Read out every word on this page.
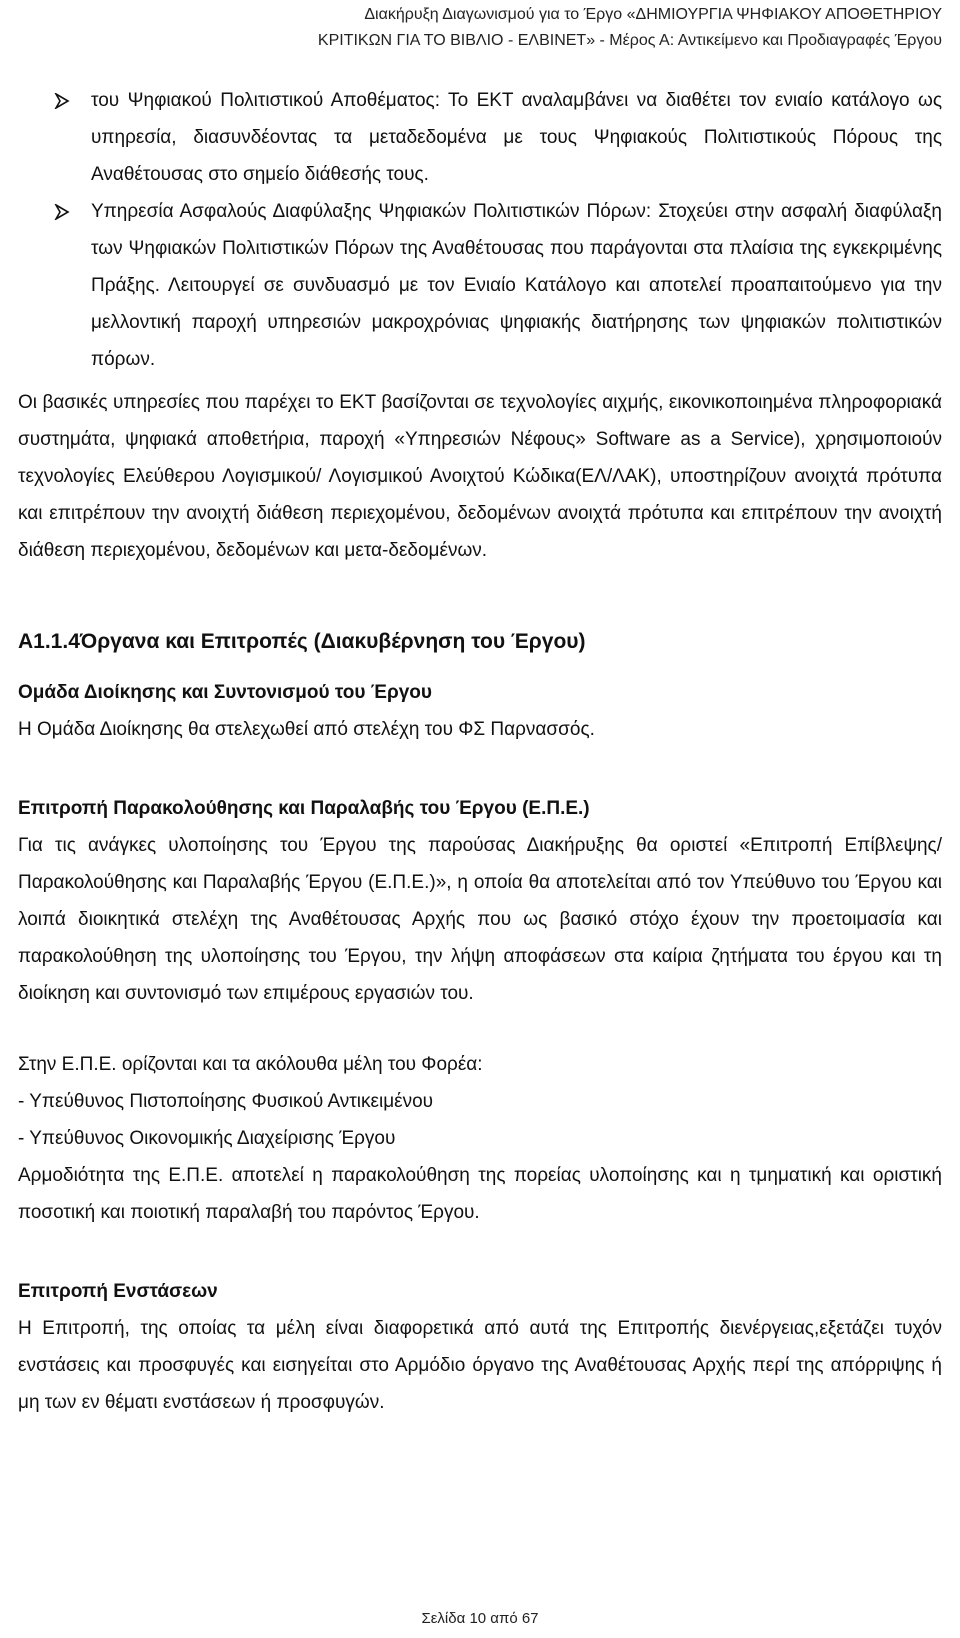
Διακήρυξη Διαγωνισμού για το Έργο «ΔΗΜΙΟΥΡΓΙΑ ΨΗΦΙΑΚΟΥ ΑΠΟΘΕΤΗΡΙΟΥ
ΚΡΙΤΙΚΩΝ ΓΙΑ ΤΟ ΒΙΒΛΙΟ - ΕΛΒΙΝΕΤ» - Μέρος Α: Αντικείμενο και Προδιαγραφές Έργου
του Ψηφιακού Πολιτιστικού Αποθέματος: Το ΕΚΤ αναλαμβάνει να διαθέτει τον ενιαίο κατάλογο ως υπηρεσία, διασυνδέοντας τα μεταδεδομένα με τους Ψηφιακούς Πολιτιστικούς Πόρους της Αναθέτουσας στο σημείο διάθεσής τους.
Υπηρεσία Ασφαλούς Διαφύλαξης Ψηφιακών Πολιτιστικών Πόρων: Στοχεύει στην ασφαλή διαφύλαξη των Ψηφιακών Πολιτιστικών Πόρων της Αναθέτουσας που παράγονται στα πλαίσια της εγκεκριμένης Πράξης. Λειτουργεί σε συνδυασμό με τον Ενιαίο Κατάλογο και αποτελεί προαπαιτούμενο για την μελλοντική παροχή υπηρεσιών μακροχρόνιας ψηφιακής διατήρησης των ψηφιακών πολιτιστικών πόρων.

Οι βασικές υπηρεσίες που παρέχει το ΕΚΤ βασίζονται σε τεχνολογίες αιχμής, εικονικοποιημένα πληροφοριακά συστημάτα, ψηφιακά αποθετήρια, παροχή «Υπηρεσιών Νέφους» Software as a Service), χρησιμοποιούν τεχνολογίες Ελεύθερου Λογισμικού/ Λογισμικού Ανοιχτού Κώδικα(ΕΛ/ΛΑΚ), υποστηρίζουν ανοιχτά πρότυπα και επιτρέπουν την ανοιχτή διάθεση περιεχομένου, δεδομένων ανοιχτά πρότυπα και επιτρέπουν την ανοιχτή διάθεση περιεχομένου, δεδομένων και μετα-δεδομένων.

Α1.1.4Όργανα και Επιτροπές (Διακυβέρνηση του Έργου)
Ομάδα Διοίκησης και Συντονισμού του Έργου

Η Ομάδα Διοίκησης θα στελεχωθεί από στελέχη του ΦΣ Παρνασσός.

Επιτροπή Παρακολούθησης και Παραλαβής του Έργου (Ε.Π.Ε.)

Για τις ανάγκες υλοποίησης του Έργου της παρούσας Διακήρυξης θα οριστεί «Επιτροπή Επίβλεψης/Παρακολούθησης και Παραλαβής Έργου (Ε.Π.Ε.)», η οποία θα αποτελείται από τον Υπεύθυνο του Έργου και λοιπά διοικητικά στελέχη της Αναθέτουσας Αρχής που ως βασικό στόχο έχουν την προετοιμασία και παρακολούθηση της υλοποίησης του Έργου, την λήψη αποφάσεων στα καίρια ζητήματα του έργου και τη διοίκηση και συντονισμό των επιμέρους εργασιών του.

Στην Ε.Π.Ε. ορίζονται και τα ακόλουθα μέλη του Φορέα:

- Υπεύθυνος Πιστοποίησης Φυσικού Αντικειμένου

- Υπεύθυνος Οικονομικής Διαχείρισης Έργου

Αρμοδιότητα της Ε.Π.Ε. αποτελεί η παρακολούθηση της πορείας υλοποίησης και η τμηματική και οριστική ποσοτική και ποιοτική παραλαβή του παρόντος Έργου.

Επιτροπή Ενστάσεων

Η Επιτροπή, της οποίας τα μέλη είναι διαφορετικά από αυτά της Επιτροπής διενέργειας,εξετάζει τυχόν ενστάσεις και προσφυγές και εισηγείται στο Αρμόδιο όργανο της Αναθέτουσας Αρχής περί της απόρριψης ή μη των εν θέματι ενστάσεων ή προσφυγών.

Σελίδα 10 από 67
